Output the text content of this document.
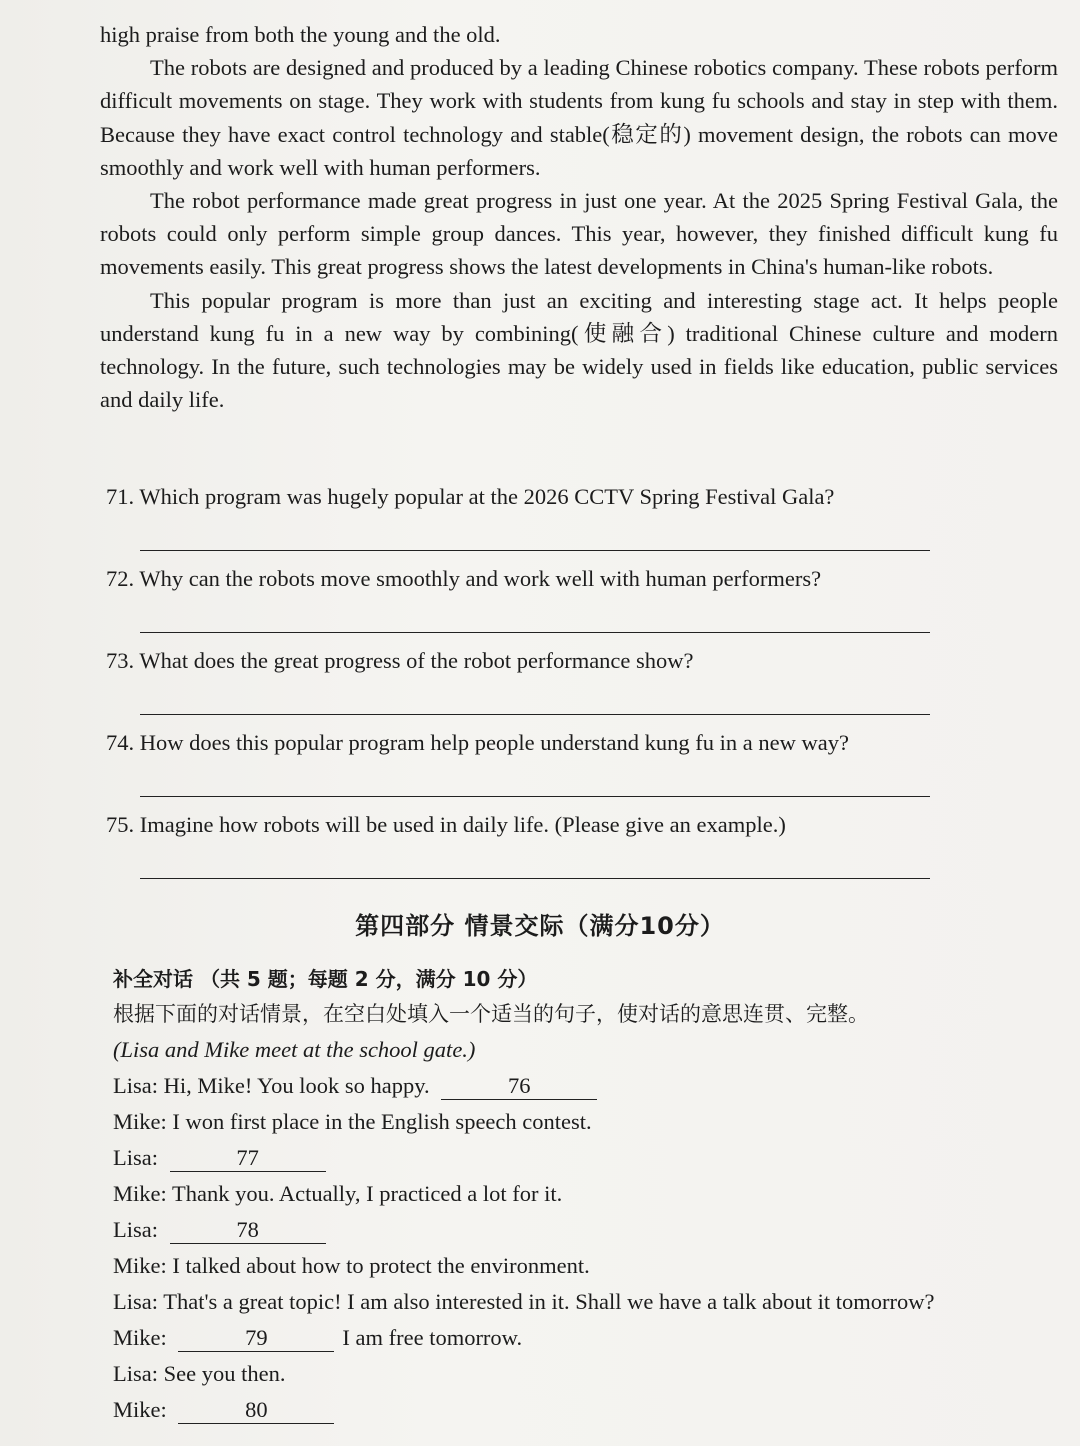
high praise from both the young and the old.

The robots are designed and produced by a leading Chinese robotics company. These robots perform difficult movements on stage. They work with students from kung fu schools and stay in step with them. Because they have exact control technology and stable(稳定的) movement design, the robots can move smoothly and work well with human performers.

The robot performance made great progress in just one year. At the 2025 Spring Festival Gala, the robots could only perform simple group dances. This year, however, they finished difficult kung fu movements easily. This great progress shows the latest developments in China's human-like robots.

This popular program is more than just an exciting and interesting stage act. It helps people understand kung fu in a new way by combining(使融合) traditional Chinese culture and modern technology. In the future, such technologies may be widely used in fields like education, public services and daily life.

71. Which program was hugely popular at the 2026 CCTV Spring Festival Gala?
72. Why can the robots move smoothly and work well with human performers?
73. What does the great progress of the robot performance show?
74. How does this popular program help people understand kung fu in a new way?
75. Imagine how robots will be used in daily life. (Please give an example.)
第四部分 情景交际（满分10分）
补全对话 （共 5 题；每题 2 分，满分 10 分）
根据下面的对话情景，在空白处填入一个适当的句子，使对话的意思连贯、完整。
(Lisa and Mike meet at the school gate.)
Lisa: Hi, Mike! You look so happy.	76
Mike: I won first place in the English speech contest.
Lisa:	77
Mike: Thank you. Actually, I practiced a lot for it.
Lisa:	78
Mike: I talked about how to protect the environment.
Lisa: That's a great topic! I am also interested in it. Shall we have a talk about it tomorrow?
Mike:	79	I am free tomorrow.
Lisa: See you then.
Mike:	80
